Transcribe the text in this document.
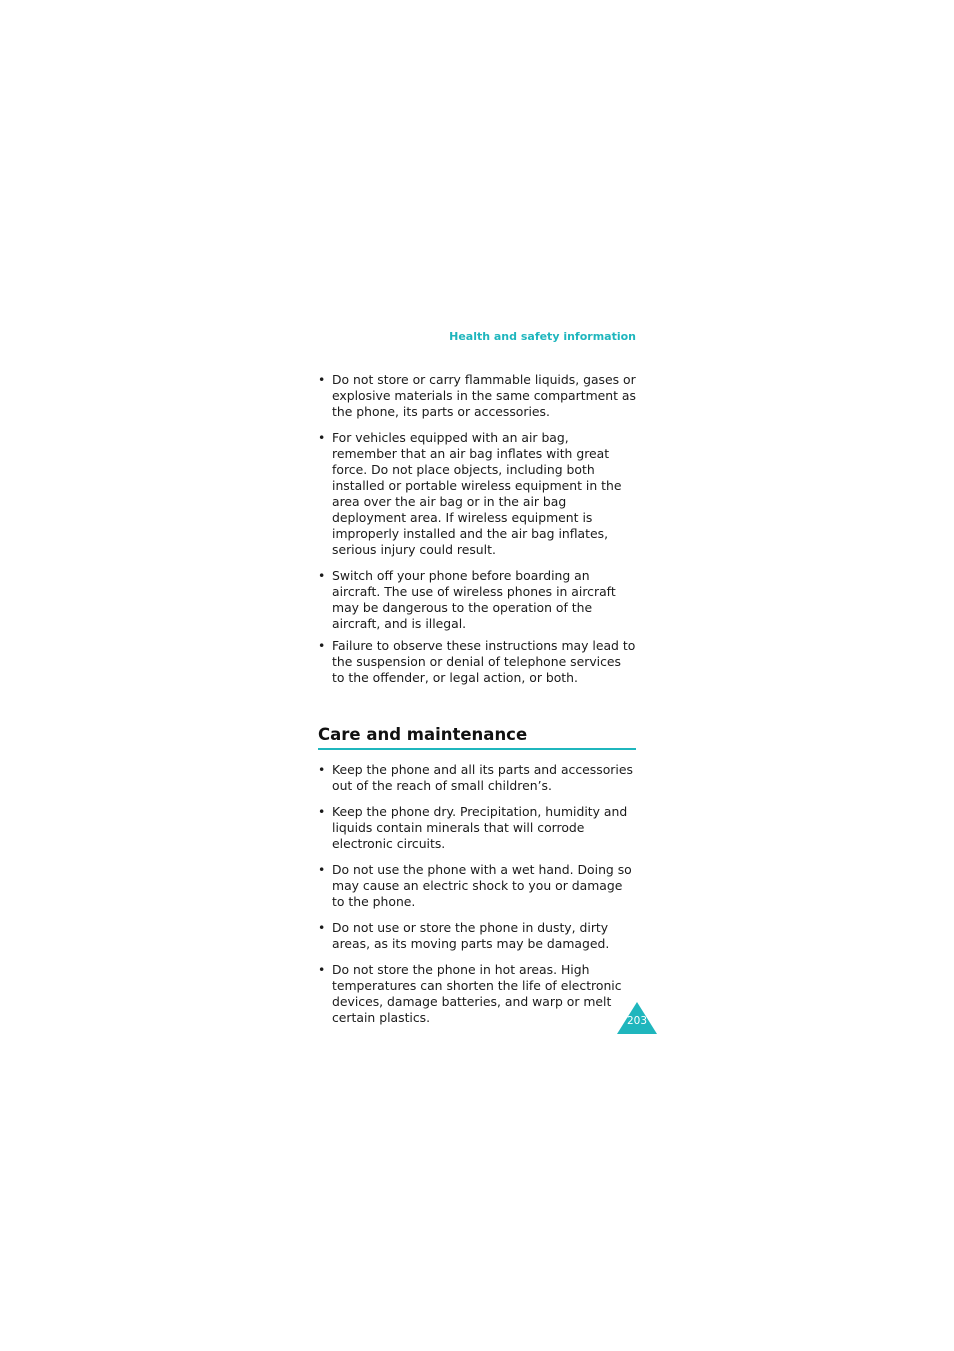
Health and safety information
• Do not store or carry flammable liquids, gases or explosive materials in the same compartment as the phone, its parts or accessories.
• For vehicles equipped with an air bag, remember that an air bag inflates with great force. Do not place objects, including both installed or portable wireless equipment in the area over the air bag or in the air bag deployment area. If wireless equipment is improperly installed and the air bag inflates, serious injury could result.
• Switch off your phone before boarding an aircraft. The use of wireless phones in aircraft may be dangerous to the operation of the aircraft, and is illegal.
• Failure to observe these instructions may lead to the suspension or denial of telephone services to the offender, or legal action, or both.
Care and maintenance
• Keep the phone and all its parts and accessories out of the reach of small children’s.
• Keep the phone dry. Precipitation, humidity and liquids contain minerals that will corrode electronic circuits.
• Do not use the phone with a wet hand. Doing so may cause an electric shock to you or damage to the phone.
• Do not use or store the phone in dusty, dirty areas, as its moving parts may be damaged.
• Do not store the phone in hot areas. High temperatures can shorten the life of electronic devices, damage batteries, and warp or melt certain plastics.	203
